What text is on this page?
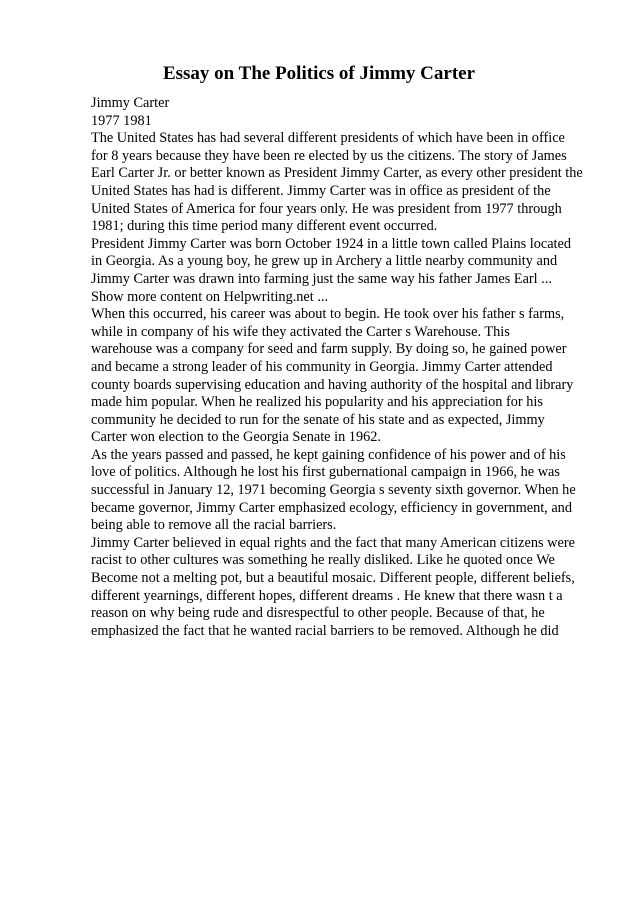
Essay on The Politics of Jimmy Carter
Jimmy Carter
1977 1981
The United States has had several different presidents of which have been in office
for 8 years because they have been re elected by us the citizens. The story of James
Earl Carter Jr. or better known as President Jimmy Carter, as every other president the
United States has had is different. Jimmy Carter was in office as president of the
United States of America for four years only. He was president from 1977 through
1981; during this time period many different event occurred.
President Jimmy Carter was born October 1924 in a little town called Plains located
in Georgia. As a young boy, he grew up in Archery a little nearby community and
Jimmy Carter was drawn into farming just the same way his father James Earl ...
Show more content on Helpwriting.net ...
When this occurred, his career was about to begin. He took over his father s farms,
while in company of his wife they activated the Carter s Warehouse. This
warehouse was a company for seed and farm supply. By doing so, he gained power
and became a strong leader of his community in Georgia. Jimmy Carter attended
county boards supervising education and having authority of the hospital and library
made him popular. When he realized his popularity and his appreciation for his
community he decided to run for the senate of his state and as expected, Jimmy
Carter won election to the Georgia Senate in 1962.
As the years passed and passed, he kept gaining confidence of his power and of his
love of politics. Although he lost his first gubernational campaign in 1966, he was
successful in January 12, 1971 becoming Georgia s seventy sixth governor. When he
became governor, Jimmy Carter emphasized ecology, efficiency in government, and
being able to remove all the racial barriers.
Jimmy Carter believed in equal rights and the fact that many American citizens were
racist to other cultures was something he really disliked. Like he quoted once We
Become not a melting pot, but a beautiful mosaic. Different people, different beliefs,
different yearnings, different hopes, different dreams . He knew that there wasn t a
reason on why being rude and disrespectful to other people. Because of that, he
emphasized the fact that he wanted racial barriers to be removed. Although he did
